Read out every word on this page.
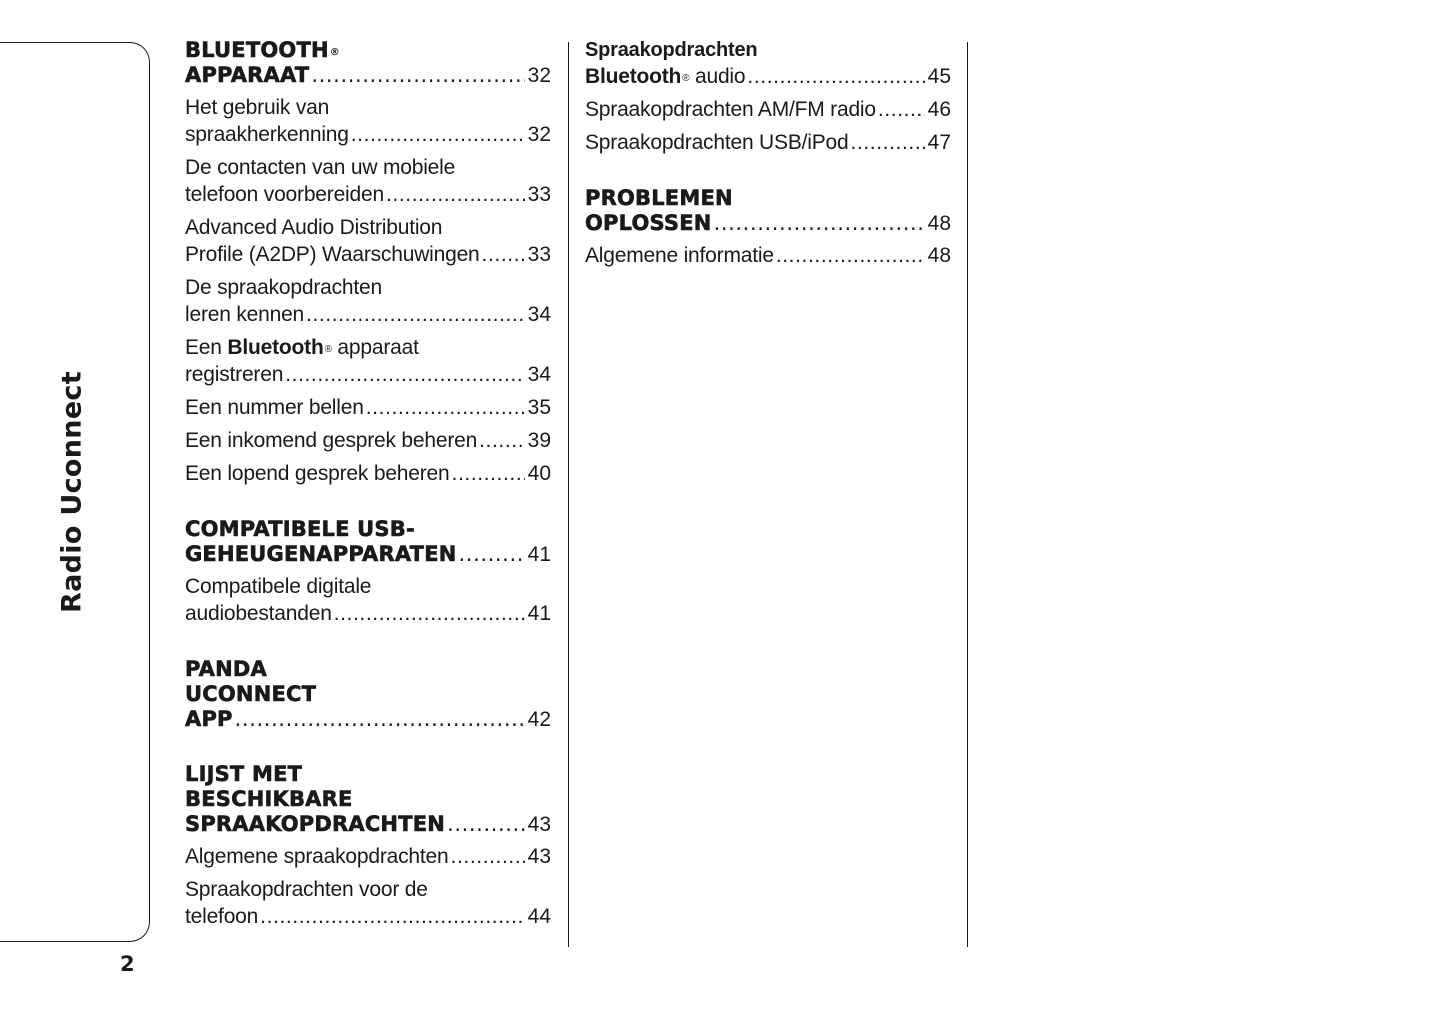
Radio Uconnect
2
BLUETOOTH®
APPARAAT .....	32
Het gebruik van
spraakherkenning .....	32
De contacten van uw mobiele
telefoon voorbereiden .....	33
Advanced Audio Distribution
Profile (A2DP) Waarschuwingen ..... 33
De spraakopdrachten
leren kennen .....	34
Een Bluetooth® apparaat
registreren .....	34
Een nummer bellen .....	35
Een inkomend gesprek beheren ..... 39
Een lopend gesprek beheren .....	40
COMPATIBELE USB-
GEHEUGENAPPARATEN .....	41
Compatibele digitale
audiobestanden .....	41
PANDA
UCONNECT
APP .....	42
LIJST MET
BESCHIKBARE
SPRAAKOPDRACHTEN .....	43
Algemene spraakopdrachten .....	43
Spraakopdrachten voor de
telefoon .....	44
Spraakopdrachten
Bluetooth® audio .....	45
Spraakopdrachten AM/FM radio ..... 46
Spraakopdrachten USB/iPod .....	47
PROBLEMEN
OPLOSSEN .....	48
Algemene informatie .....	48
